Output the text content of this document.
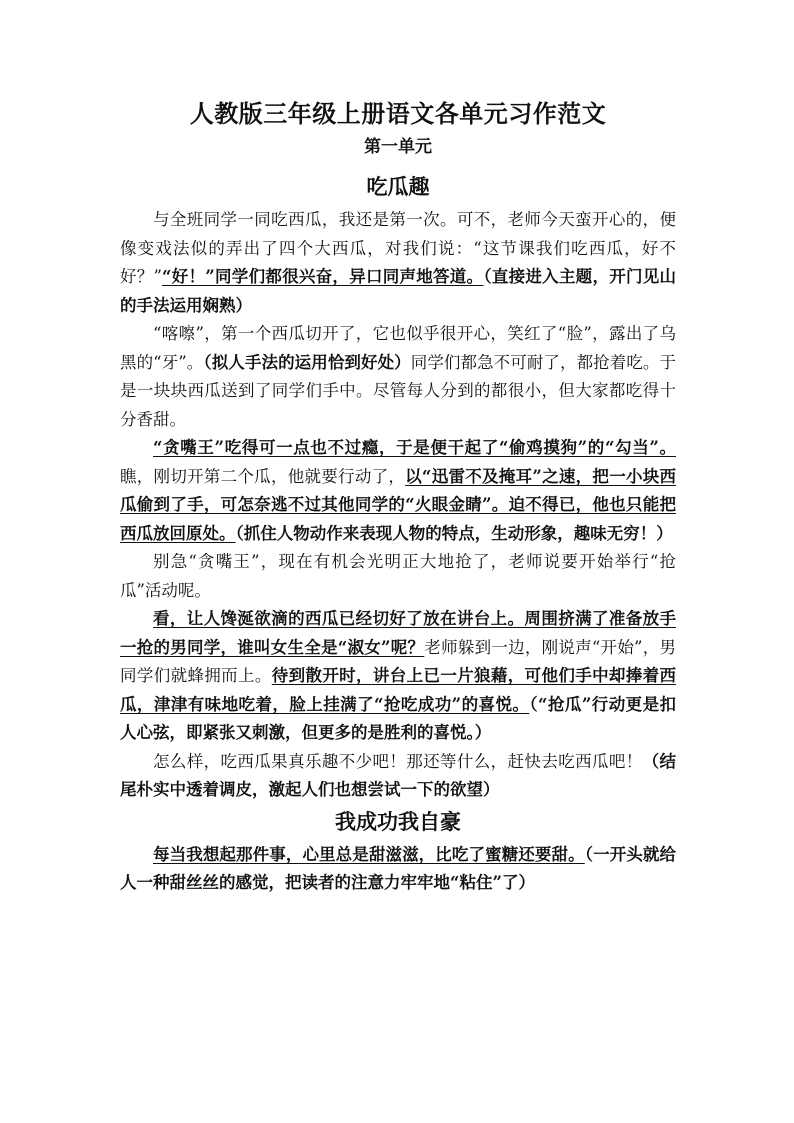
人教版三年级上册语文各单元习作范文
第一单元
吃瓜趣

与全班同学一同吃西瓜，我还是第一次。可不，老师今天蛮开心的，便像变戏法似的弄出了四个大西瓜，对我们说：“这节课我们吃西瓜，好不好？”“好！”同学们都很兴奋，异口同声地答道。（直接进入主题，开门见山的手法运用娴熟）

“喀嚓”，第一个西瓜切开了，它也似乎很开心，笑红了“脸”，露出了乌黑的“牙”。（拟人手法的运用恰到好处）同学们都急不可耐了，都抢着吃。于是一块块西瓜送到了同学们手中。尽管每人分到的都很小，但大家都吃得十分香甜。

“贪嘴王”吃得可一点也不过瘾，于是便干起了“偷鸡摸狗”的“勾当”。瞧，刚切开第二个瓜，他就要行动了，以“迅雷不及掩耳”之速，把一小块西瓜偷到了手，可怎奈逃不过其他同学的“火眼金睛”。迫不得已，他也只能把西瓜放回原处。（抓住人物动作来表现人物的特点，生动形象，趣味无穷！）

别急“贪嘴王”，现在有机会光明正大地抢了，老师说要开始举行“抢瓜”活动呢。

看，让人馋涎欲滴的西瓜已经切好了放在讲台上。周围挤满了准备放手一抢的男同学，谁叫女生全是“淑女”呢？老师躲到一边，刚说声“开始”，男同学们就蜂拥而上。待到散开时，讲台上已一片狼藉，可他们手中却捧着西瓜，津津有味地吃着，脸上挂满了“抢吃成功”的喜悦。（“抢瓜”行动更是扣人心弦，即紧张又刺激，但更多的是胜利的喜悦。）

怎么样，吃西瓜果真乐趣不少吧！那还等什么，赶快去吃西瓜吧！（结尾朴实中透着调皮，激起人们也想尝试一下的欲望）

我成功我自豪

每当我想起那件事，心里总是甜滋滋，比吃了蜜糖还要甜。（一开头就给人一种甜丝丝的感觉，把读者的注意力牢牢地“粘住”了）
